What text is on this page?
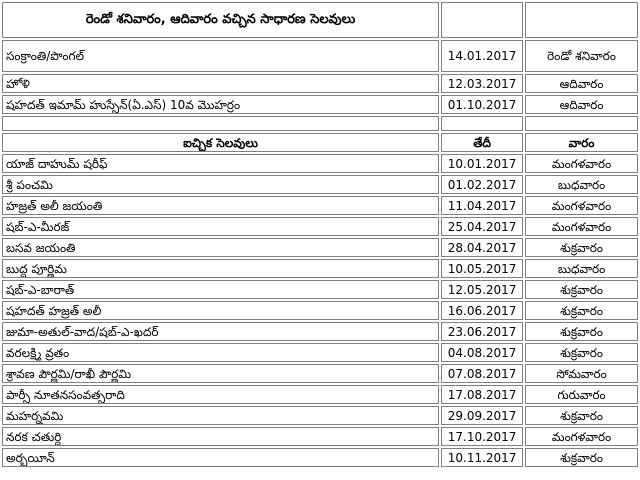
రెండో శనివారం, ఆదివారం వచ్చిన సాధారణ సెలవులు		
సంక్రాంతి/పొంగల్	14.01.2017	రెండో శనివారం
హోళి	12.03.2017	ఆదివారం
షహదత్ ఇమామ్ హుస్సేన్(ఏ.ఎస్) 10వ మొహర్రం	01.10.2017	ఆదివారం

ఐచ్చిక సెలవులు	తేదీ	వారం
యాజ్ దాహుమ్ షరీఫ్	10.01.2017	మంగళవారం
శ్రీ పంచమి	01.02.2017	బుధవారం
హజ్రత్ అలీ జయంతి	11.04.2017	మంగళవారం
షబ్-ఎ-మీరజ్	25.04.2017	మంగళవారం
బసవ జయంతి	28.04.2017	శుక్రవారం
బుద్ధ పూర్ణిమ	10.05.2017	బుధవారం
షబ్-ఎ-బారాత్	12.05.2017	శుక్రవారం
షహదత్ హజ్రత్ అలీ	16.06.2017	శుక్రవారం
జుమా-అతుల్-వాద/షబ్-ఎ-ఖదర్	23.06.2017	శుక్రవారం
వరలక్ష్మి వ్రతం	04.08.2017	శుక్రవారం
శ్రావణ పౌర్ణమి/రాఖీ పౌర్ణమి	07.08.2017	సోమవారం
పార్సీ నూతనసంవత్సరాది	17.08.2017	గురువారం
మహర్నవమి	29.09.2017	శుక్రవారం
నరక చతుర్ధి	17.10.2017	మంగళవారం
అర్బయీన్	10.11.2017	శుక్రవారం
